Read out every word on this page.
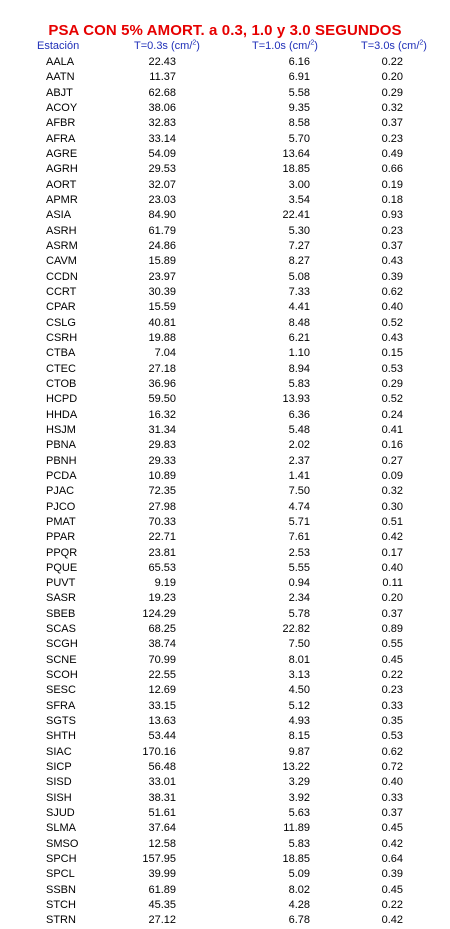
PSA CON 5% AMORT. a 0.3, 1.0 y 3.0 SEGUNDOS
Estación	T=0.3s (cm/$^2$)	T=1.0s (cm/$^2$)	T=3.0s (cm/$^2$)
AALA	22.43	6.16	0.22
AATN	11.37	6.91	0.20
ABJT	62.68	5.58	0.29
ACOY	38.06	9.35	0.32
AFBR	32.83	8.58	0.37
AFRA	33.14	5.70	0.23
AGRE	54.09	13.64	0.49
AGRH	29.53	18.85	0.66
AORT	32.07	3.00	0.19
APMR	23.03	3.54	0.18
ASIA	84.90	22.41	0.93
ASRH	61.79	5.30	0.23
ASRM	24.86	7.27	0.37
CAVM	15.89	8.27	0.43
CCDN	23.97	5.08	0.39
CCRT	30.39	7.33	0.62
CPAR	15.59	4.41	0.40
CSLG	40.81	8.48	0.52
CSRH	19.88	6.21	0.43
CTBA	7.04	1.10	0.15
CTEC	27.18	8.94	0.53
CTOB	36.96	5.83	0.29
HCPD	59.50	13.93	0.52
HHDA	16.32	6.36	0.24
HSJM	31.34	5.48	0.41
PBNA	29.83	2.02	0.16
PBNH	29.33	2.37	0.27
PCDA	10.89	1.41	0.09
PJAC	72.35	7.50	0.32
PJCO	27.98	4.74	0.30
PMAT	70.33	5.71	0.51
PPAR	22.71	7.61	0.42
PPQR	23.81	2.53	0.17
PQUE	65.53	5.55	0.40
PUVT	9.19	0.94	0.11
SASR	19.23	2.34	0.20
SBEB	124.29	5.78	0.37
SCAS	68.25	22.82	0.89
SCGH	38.74	7.50	0.55
SCNE	70.99	8.01	0.45
SCOH	22.55	3.13	0.22
SESC	12.69	4.50	0.23
SFRA	33.15	5.12	0.33
SGTS	13.63	4.93	0.35
SHTH	53.44	8.15	0.53
SIAC	170.16	9.87	0.62
SICP	56.48	13.22	0.72
SISD	33.01	3.29	0.40
SISH	38.31	3.92	0.33
SJUD	51.61	5.63	0.37
SLMA	37.64	11.89	0.45
SMSO	12.58	5.83	0.42
SPCH	157.95	18.85	0.64
SPCL	39.99	5.09	0.39
SSBN	61.89	8.02	0.45
STCH	45.35	4.28	0.22
STRN	27.12	6.78	0.42
